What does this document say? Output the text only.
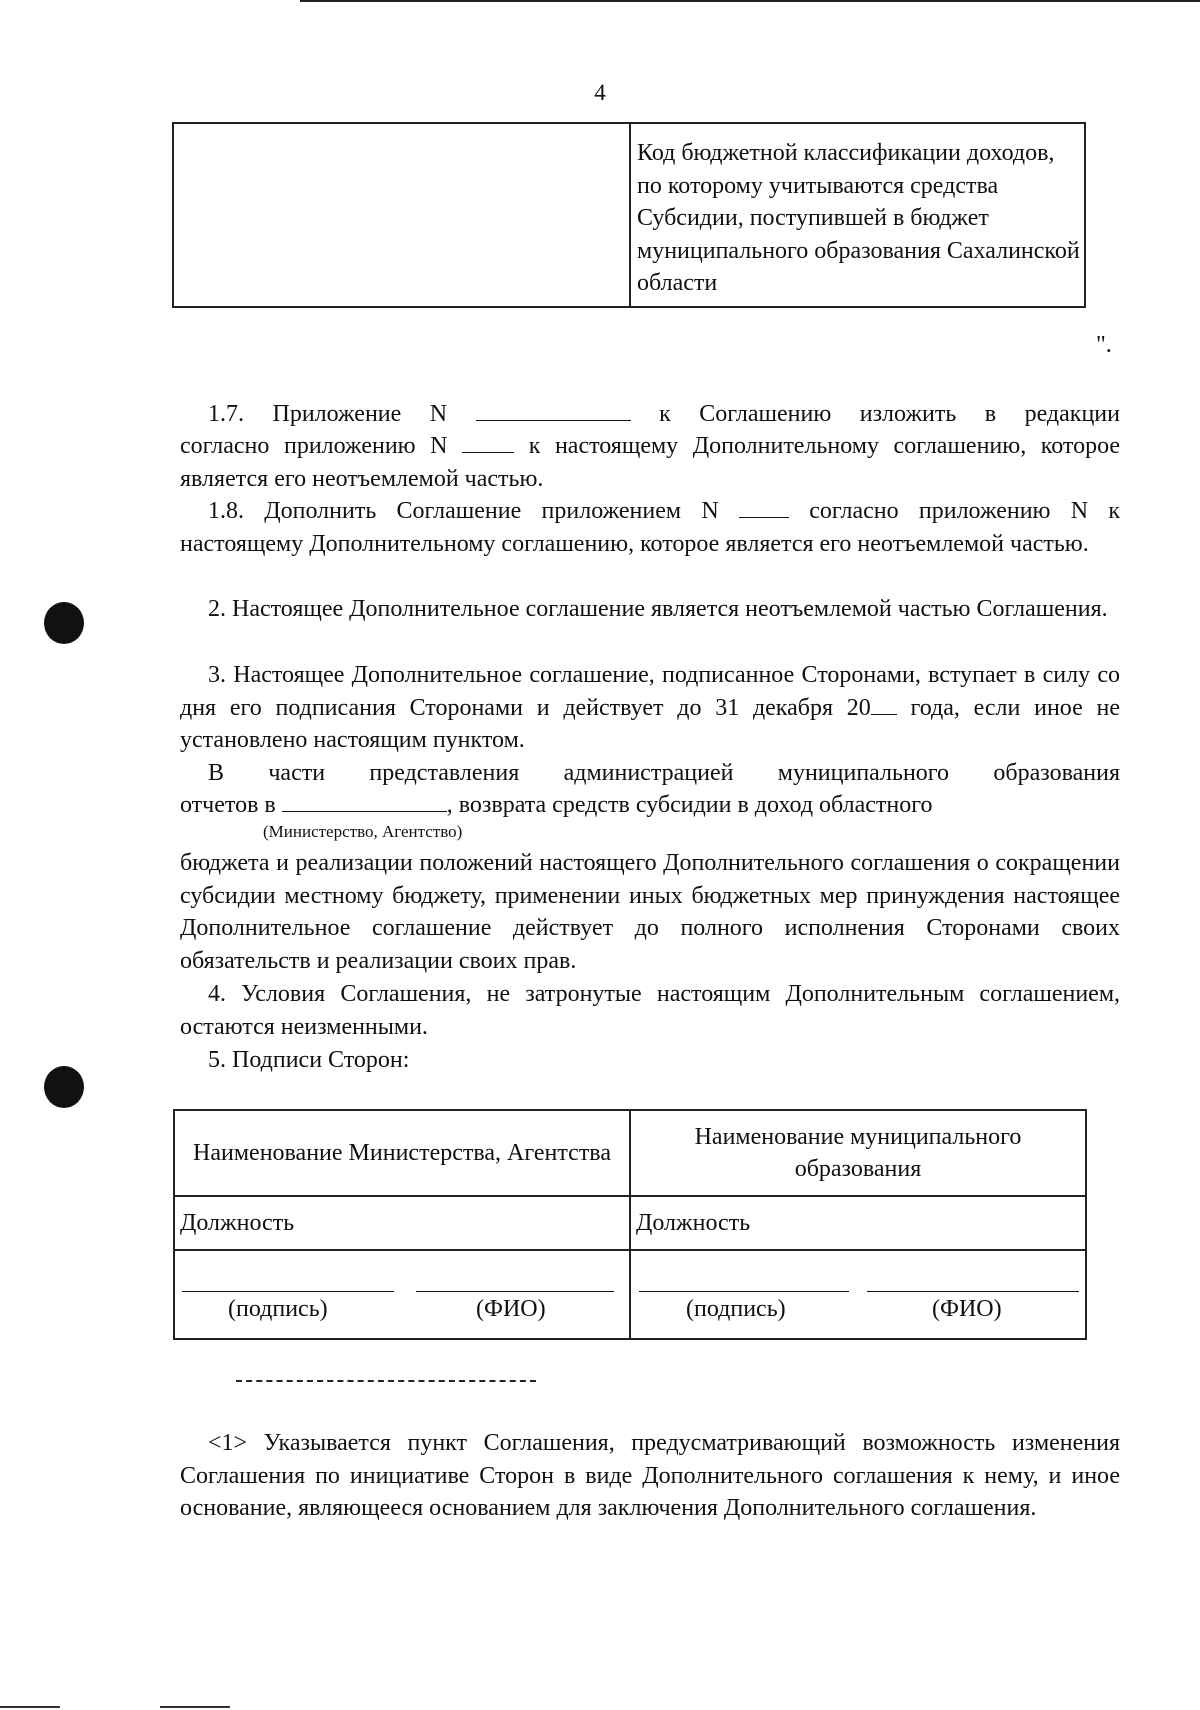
4
	Код бюджетной классификации доходов, по которому учитываются средства Субсидии, поступившей в бюджет муниципального образования Сахалинской области
".
1.7. Приложение N	к Соглашению изложить в редакции
согласно приложению N	к настоящему Дополнительному соглашению, которое является его неотъемлемой частью.
1.8. Дополнить Соглашение приложением N	согласно приложению N к настоящему Дополнительному соглашению, которое является его неотъемлемой частью.
2. Настоящее Дополнительное соглашение является неотъемлемой частью Соглашения.
3. Настоящее Дополнительное соглашение, подписанное Сторонами, вступает в силу со дня его подписания Сторонами и действует до 31 декабря 20 года, если иное не установлено настоящим пунктом.
В части представления администрацией муниципального образования
отчетов в	, возврата средств субсидии в доход областного
(Министерство, Агентство)
бюджета и реализации положений настоящего Дополнительного соглашения о сокращении субсидии местному бюджету, применении иных бюджетных мер принуждения настоящее Дополнительное соглашение действует до полного исполнения Сторонами своих обязательств и реализации своих прав.
4. Условия Соглашения, не затронутые настоящим Дополнительным соглашением, остаются неизменными.
5. Подписи Сторон:
Наименование Министерства, Агентства	Наименование муниципального образования
Должность	Должность

(подпись)	(ФИО)	(подпись)	(ФИО)
<1> Указывается пункт Соглашения, предусматривающий возможность изменения Соглашения по инициативе Сторон в виде Дополнительного соглашения к нему, и иное основание, являющееся основанием для заключения Дополнительного соглашения.
